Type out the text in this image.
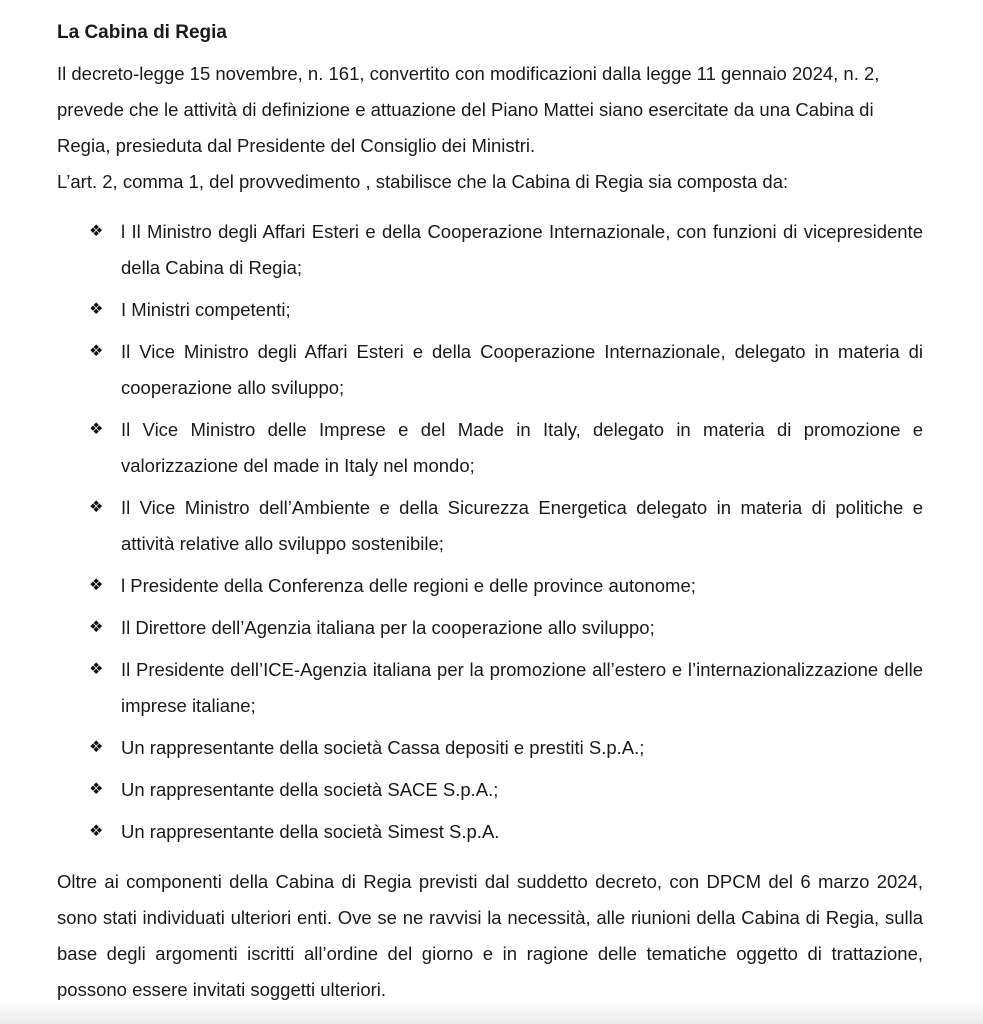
La Cabina di Regia

Il decreto-legge 15 novembre, n. 161, convertito con modificazioni dalla legge 11 gennaio 2024, n. 2, prevede che le attività di definizione e attuazione del Piano Mattei siano esercitate da una Cabina di Regia, presieduta dal Presidente del Consiglio dei Ministri.

L’art. 2, comma 1, del provvedimento , stabilisce che la Cabina di Regia sia composta da:

❖ l Il Ministro degli Affari Esteri e della Cooperazione Internazionale, con funzioni di vicepresidente della Cabina di Regia;
❖ I Ministri competenti;
❖ Il Vice Ministro degli Affari Esteri e della Cooperazione Internazionale, delegato in materia di cooperazione allo sviluppo;
❖ Il Vice Ministro delle Imprese e del Made in Italy, delegato in materia di promozione e valorizzazione del made in Italy nel mondo;
❖ Il Vice Ministro dell’Ambiente e della Sicurezza Energetica delegato in materia di politiche e attività relative allo sviluppo sostenibile;
❖ l Presidente della Conferenza delle regioni e delle province autonome;
❖ Il Direttore dell’Agenzia italiana per la cooperazione allo sviluppo;
❖ Il Presidente dell’ICE-Agenzia italiana per la promozione all’estero e l’internazionalizzazione delle imprese italiane;
❖ Un rappresentante della società Cassa depositi e prestiti S.p.A.;
❖ Un rappresentante della società SACE S.p.A.;
❖ Un rappresentante della società Simest S.p.A.

Oltre ai componenti della Cabina di Regia previsti dal suddetto decreto, con DPCM del 6 marzo 2024, sono stati individuati ulteriori enti. Ove se ne ravvisi la necessità, alle riunioni della Cabina di Regia, sulla base degli argomenti iscritti all’ordine del giorno e in ragione delle tematiche oggetto di trattazione, possono essere invitati soggetti ulteriori.
